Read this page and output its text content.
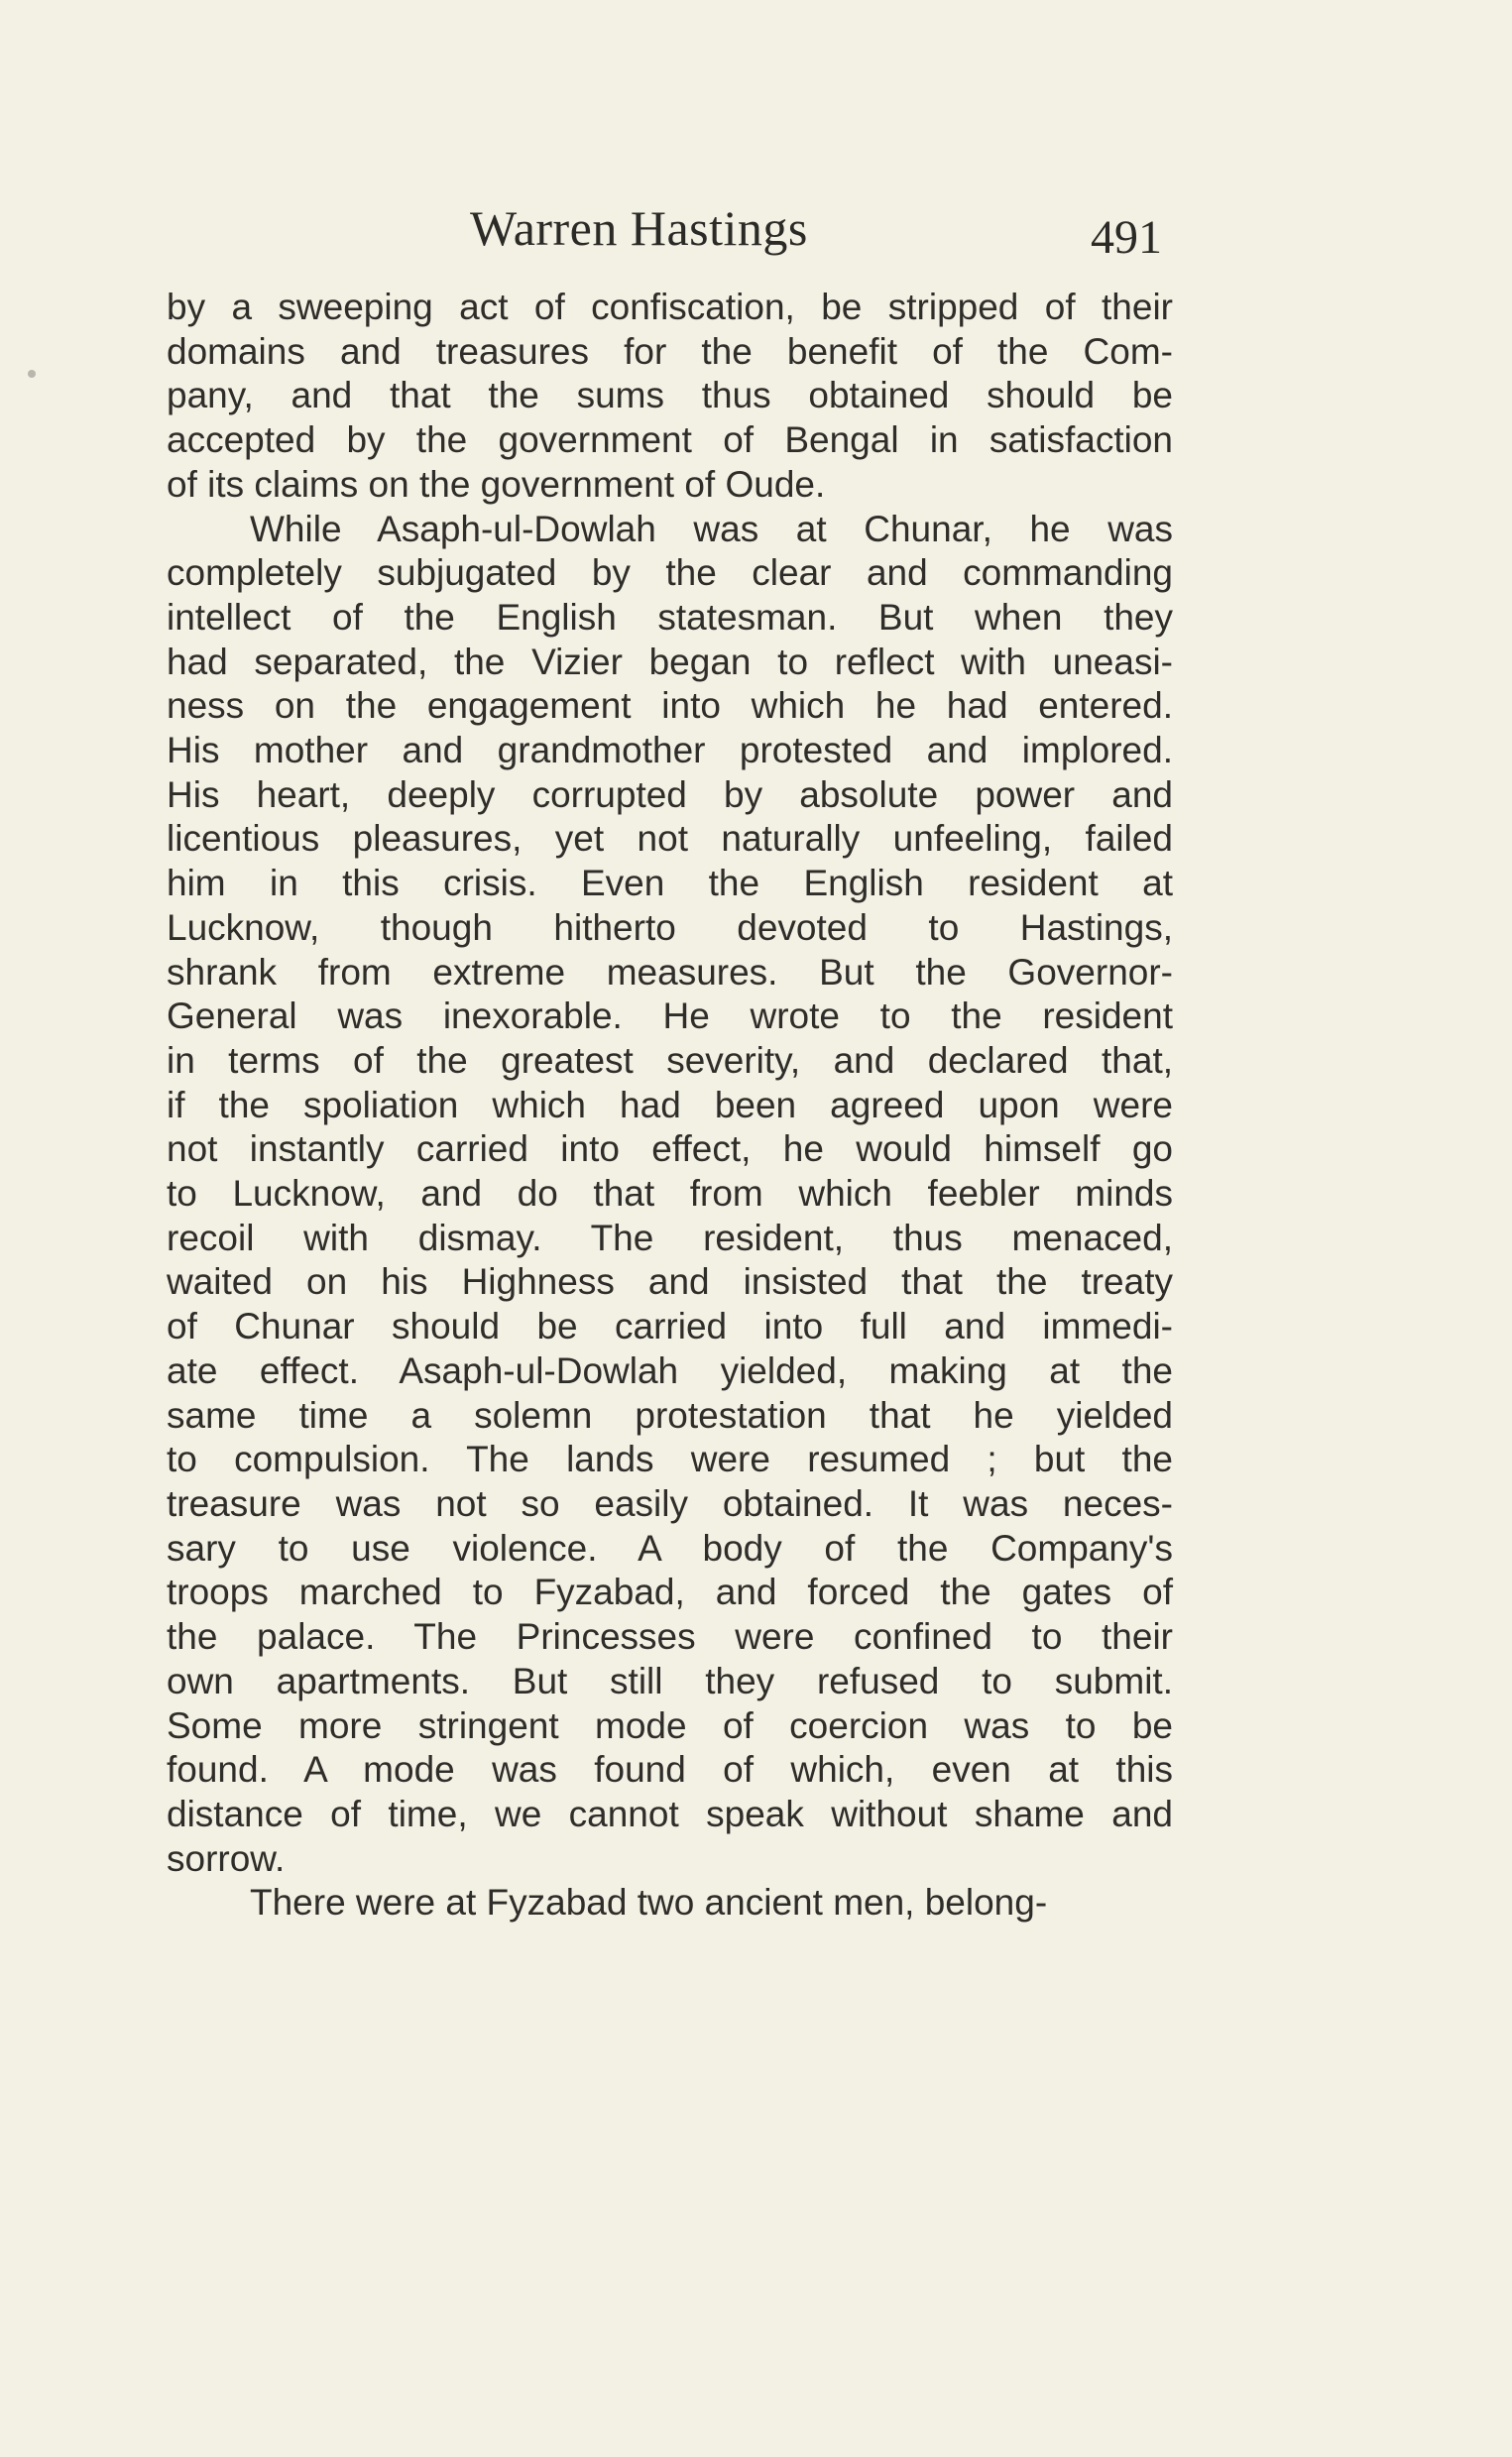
Warren Hastings	491
by a sweeping act of confiscation, be stripped of their
domains and treasures for the benefit of the Com-
pany, and that the sums thus obtained should be
accepted by the government of Bengal in satisfaction
of its claims on the government of Oude.
While Asaph-ul-Dowlah was at Chunar, he was
completely subjugated by the clear and commanding
intellect of the English statesman. But when they
had separated, the Vizier began to reflect with uneasi-
ness on the engagement into which he had entered.
His mother and grandmother protested and implored.
His heart, deeply corrupted by absolute power and
licentious pleasures, yet not naturally unfeeling, failed
him in this crisis. Even the English resident at
Lucknow, though hitherto devoted to Hastings,
shrank from extreme measures. But the Governor-
General was inexorable. He wrote to the resident
in terms of the greatest severity, and declared that,
if the spoliation which had been agreed upon were
not instantly carried into effect, he would himself go
to Lucknow, and do that from which feebler minds
recoil with dismay. The resident, thus menaced,
waited on his Highness and insisted that the treaty
of Chunar should be carried into full and immedi-
ate effect. Asaph-ul-Dowlah yielded, making at the
same time a solemn protestation that he yielded
to compulsion. The lands were resumed ; but the
treasure was not so easily obtained. It was neces-
sary to use violence. A body of the Company's
troops marched to Fyzabad, and forced the gates of
the palace. The Princesses were confined to their
own apartments. But still they refused to submit.
Some more stringent mode of coercion was to be
found. A mode was found of which, even at this
distance of time, we cannot speak without shame and
sorrow.
There were at Fyzabad two ancient men, belong-
